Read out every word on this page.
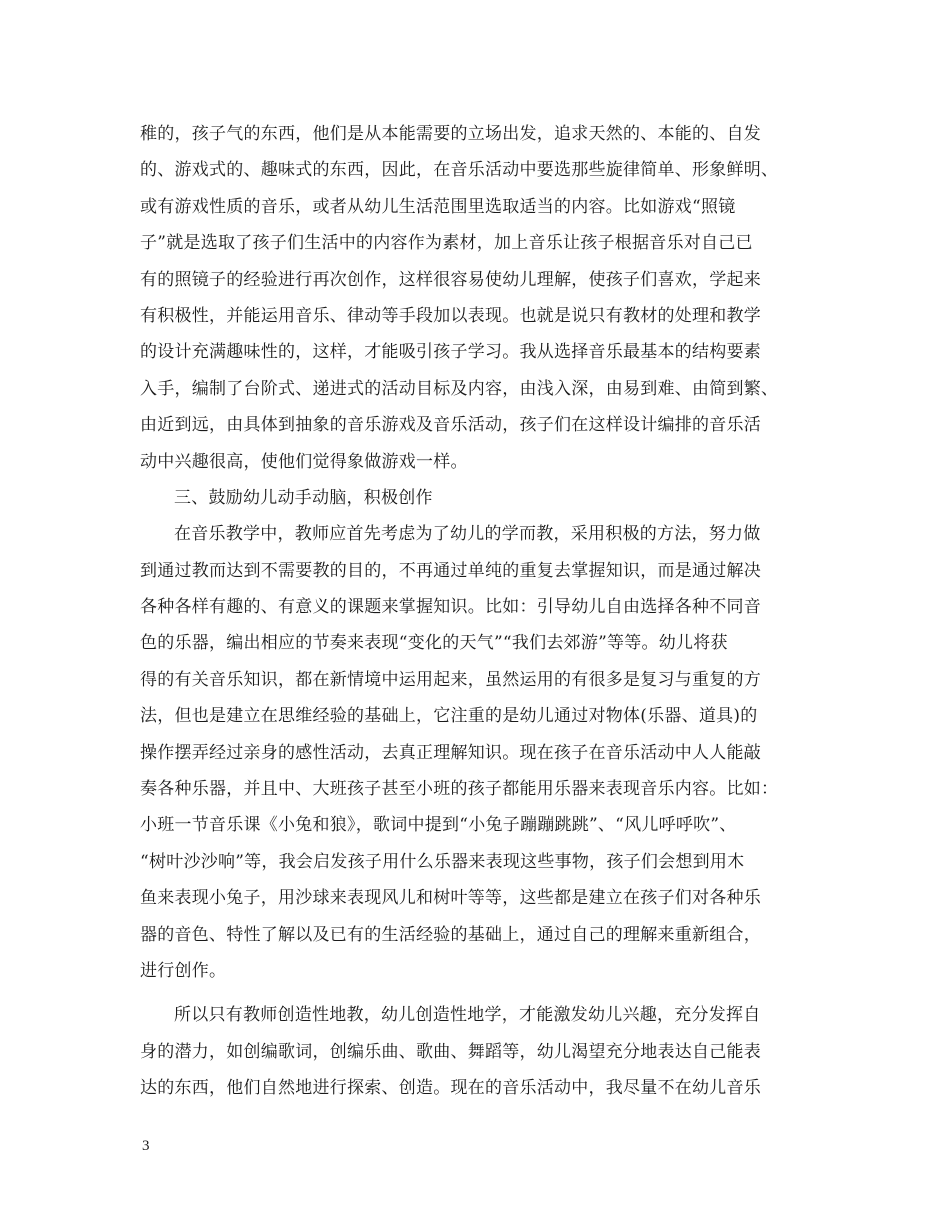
稚的，孩子气的东西，他们是从本能需要的立场出发，追求天然的、本能的、自发
的、游戏式的、趣味式的东西，因此，在音乐活动中要选那些旋律简单、形象鲜明、
或有游戏性质的音乐，或者从幼儿生活范围里选取适当的内容。比如游戏“照镜
子”就是选取了孩子们生活中的内容作为素材，加上音乐让孩子根据音乐对自己已
有的照镜子的经验进行再次创作，这样很容易使幼儿理解，使孩子们喜欢，学起来
有积极性，并能运用音乐、律动等手段加以表现。也就是说只有教材的处理和教学
的设计充满趣味性的，这样，才能吸引孩子学习。我从选择音乐最基本的结构要素
入手，编制了台阶式、递进式的活动目标及内容，由浅入深，由易到难、由简到繁、
由近到远，由具体到抽象的音乐游戏及音乐活动，孩子们在这样设计编排的音乐活
动中兴趣很高，使他们觉得象做游戏一样。
三、鼓励幼儿动手动脑，积极创作
在音乐教学中，教师应首先考虑为了幼儿的学而教，采用积极的方法，努力做
到通过教而达到不需要教的目的，不再通过单纯的重复去掌握知识，而是通过解决
各种各样有趣的、有意义的课题来掌握知识。比如：引导幼儿自由选择各种不同音
色的乐器，编出相应的节奏来表现“变化的天气”“我们去郊游”等等。幼儿将获
得的有关音乐知识，都在新情境中运用起来，虽然运用的有很多是复习与重复的方
法，但也是建立在思维经验的基础上，它注重的是幼儿通过对物体(乐器、道具)的
操作摆弄经过亲身的感性活动，去真正理解知识。现在孩子在音乐活动中人人能敲
奏各种乐器，并且中、大班孩子甚至小班的孩子都能用乐器来表现音乐内容。比如：
小班一节音乐课《小兔和狼》，歌词中提到“小兔子蹦蹦跳跳”、“风儿呼呼吹”、
“树叶沙沙响”等，我会启发孩子用什么乐器来表现这些事物，孩子们会想到用木
鱼来表现小兔子，用沙球来表现风儿和树叶等等，这些都是建立在孩子们对各种乐
器的音色、特性了解以及已有的生活经验的基础上，通过自己的理解来重新组合，
进行创作。
所以只有教师创造性地教，幼儿创造性地学，才能激发幼儿兴趣，充分发挥自
身的潜力，如创编歌词，创编乐曲、歌曲、舞蹈等，幼儿渴望充分地表达自己能表
达的东西，他们自然地进行探索、创造。现在的音乐活动中，我尽量不在幼儿音乐
3
